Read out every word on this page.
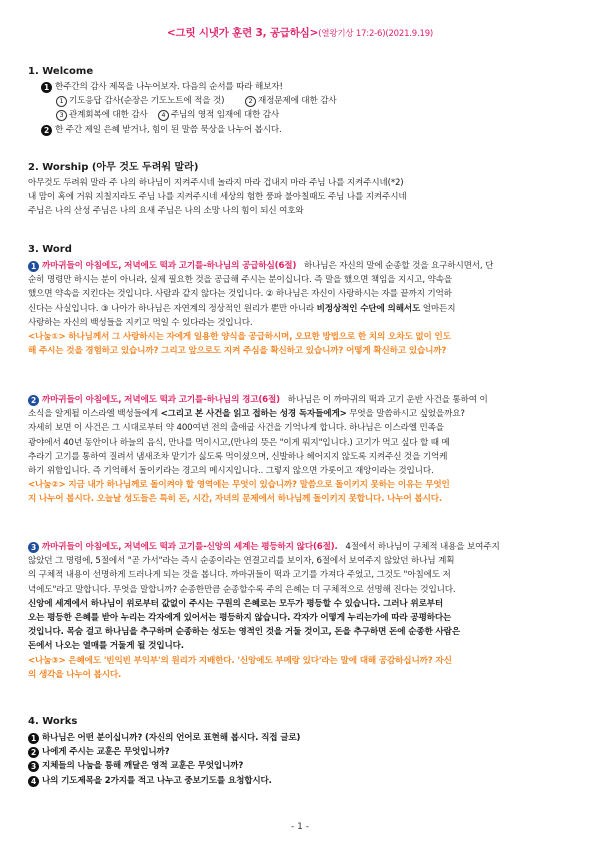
<그릿 시냇가 훈련 3, 공급하심>(열왕기상 17:2-6)(2021.9.19)
1. Welcome
1 한주간의 감사 제목을 나누어보자. 다음의 순서를 따라 해보자!
1 기도응답 감사(순장은 기도노트에 적을 것)	2 재정문제에 대한 감사
3 관계회복에 대한 감사 4 주님의 영적 임재에 대한 감사
2 한 주간 제일 은혜 받거나, 힘이 된 말씀 묵상을 나누어 봅시다.
2. Worship (아무 것도 두려워 말라)
아무것도 두려워 말라 주 나의 하나님이 지켜주시네 놀라지 마라 겁내지 마라 주님 나를 지켜주시네(*2)
내 맘이 혹에 거워 지칠지라도 주님 나를 지켜주시네 세상의 험한 풍파 불아칠때도 주님 나를 지켜주시네
주님은 나의 산성 주님은 나의 요새 주님은 나의 소망 나의 힘이 되신 여호와
3. Word
1 까마귀들이 아침에도, 저녁에도 떡과 고기를-하나님의 공급하심(6절) 하나님은 자신의 말에 순종할 것을 요구하시면서, 단
순히 명령만 하시는 분이 아니라, 실제 필요한 것을 공급해 주시는 분이십니다. 즉 말을 했으면 책임을 지시고, 약속을
했으면 약속을 지킨다는 것입니다. 사람과 같지 않다는 것입니다. ② 하나님은 자신이 사랑하시는 자를 끝까지 기억하
신다는 사실입니다. ③ 나아가 하나님은 자연계의 정상적인 원리가 뿐만 아니라 비정상적인 수단에 의해서도 얼마든지
사랑하는 자신의 백성들을 지키고 먹일 수 있다라는 것입니다.
<나눔①> 하나님께서 그 사랑하시는 자에게 일용한 양식을 공급하시며, 오묘한 방법으로 한 치의 오차도 없이 인도
해 주시는 것을 경험하고 있습니까? 그리고 앞으로도 지켜 주심을 확신하고 있습니까? 어떻게 확신하고 있습니까?
2 까마귀들이 아침에도, 저녁에도 떡과 고기를-하나님의 경고(6절) 하나님은 이 까마귀의 떡과 고기 운반 사건을 통하여 이
소식을 알게될 이스라엘 백성들에게 <그리고 본 사건을 읽고 접하는 성경 독자들에게> 무엇을 말씀하시고 싶었을까요?
자세히 보면 이 사건은 그 시대로부터 약 400여년 전의 출애굽 사건을 기억나게 합니다. 하나님은 이스라엘 민족을
광야에서 40년 동안이나 하늘의 음식, 만나를 먹이시고,(만나의 뜻은 "이게 뭐지"입니다.) 고기가 먹고 싶다 할 때 메
추라기 고기를 통하여 질려서 냄새조차 맡기가 싫도록 먹이셨으며, 신발하나 헤어지지 않도록 지켜주신 것을 기억케
하기 위함입니다. 즉 기억해서 돌이키라는 경고의 메시지입니다.. 그렇지 않으면 가롯이고 재앙이라는 것입니다.
<나눔②> 지금 내가 하나님께로 돌이켜야 할 영역에는 무엇이 있습니까? 말씀으로 돌이키지 못하는 이유는 무엇인
지 나누어 봅시다. 오늘날 성도들은 특히 돈, 시간, 자녀의 문제에서 하나님께 돌이키지 못합니다. 나누어 봅시다.
3 까마귀들이 아침에도, 저녁에도 떡과 고기를-신앙의 세계는 평등하지 않다(6절). 4절에서 하나님이 구체적 내용을 보여주지
않았던 그 명령에, 5절에서 "곧 가서"라는 즉시 순종이라는 연결고리를 보이자, 6절에서 보여주지 않았던 하나님 계획
의 구체적 내용이 선명하게 드러나게 되는 것을 봅니다. 까마귀들이 떡과 고기를 가져다 주었고, 그것도 "아침에도 저
녁에도"라고 말합니다. 무엇을 말합니까? 순종한만큼 순종할수록 주의 은혜는 더 구체적으로 선명해 진다는 것입니다.
신앙에 세계에서 하나님이 위로부터 값없이 주시는 구원의 은혜로는 모두가 평등할 수 있습니다. 그러나 위로부터
오는 평등한 은혜를 받아 누리는 각자에게 있어서는 평등하지 않습니다. 각자가 어떻게 누리는가에 따라 공평하다는
것입니다. 목숨 걸고 하나님을 추구하며 순종하는 성도는 영적인 것을 거둘 것이고, 돈을 추구하면 돈에 순종한 사람은
돈에서 나오는 열매를 거둘게 될 것입니다.
<나눔③> 은혜에도 '빈익빈 부익부'의 원리가 지배한다. '신앙에도 부메랑 있다'라는 말에 대해 공감하십니까? 자신
의 생각을 나누어 봅시다.
4. Works
1 하나님은 어떤 분이십니까? (자신의 언어로 표현해 봅시다. 직접 글로)
2 나에게 주시는 교훈은 무엇입니까?
3 지체들의 나눔을 통해 깨달은 영적 교훈은 무엇입니까?
4 나의 기도제목을 2가지를 적고 나누고 중보기도를 요청합시다.
- 1 -
